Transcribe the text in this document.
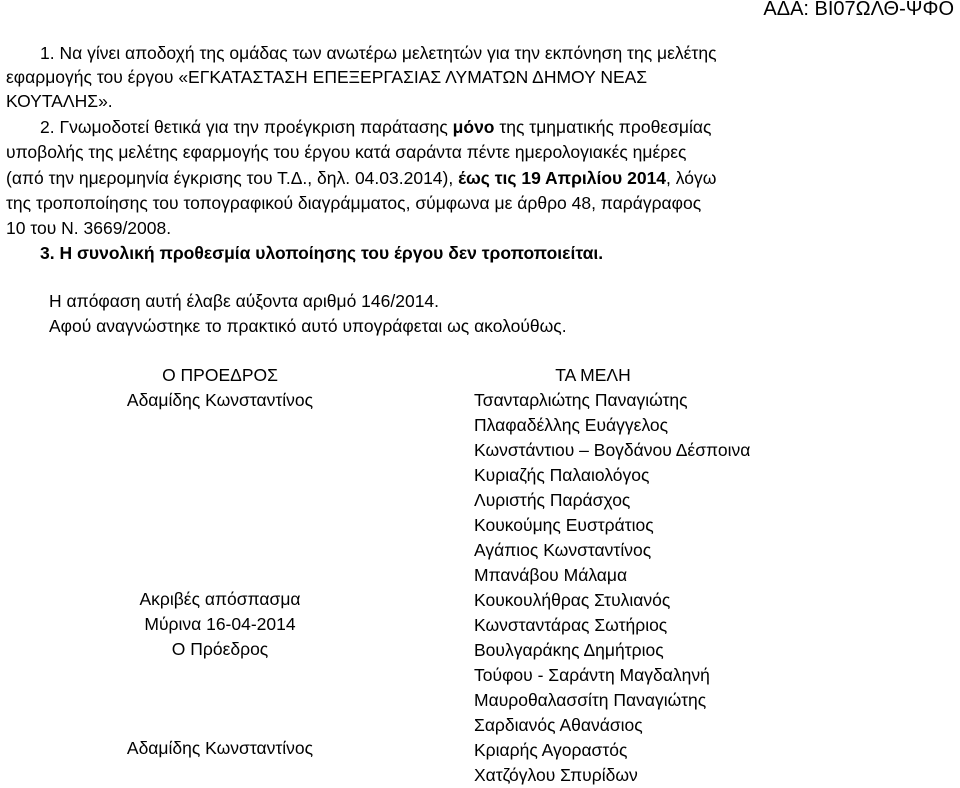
ΑΔΑ: ΒΙ07ΩΛΘ-ΨΦΟ
1. Να γίνει αποδοχή της ομάδας των ανωτέρω μελετητών για την εκπόνηση της μελέτης
εφαρμογής του έργου «ΕΓΚΑΤΑΣΤΑΣΗ ΕΠΕΞΕΡΓΑΣΙΑΣ ΛΥΜΑΤΩΝ ΔΗΜΟΥ ΝΕΑΣ
ΚΟΥΤΑΛΗΣ».
2. Γνωμοδοτεί θετικά για την προέγκριση παράτασης μόνο της τμηματικής προθεσμίας
υποβολής της μελέτης εφαρμογής του έργου κατά σαράντα πέντε ημερολογιακές ημέρες
(από την ημερομηνία έγκρισης του Τ.Δ., δηλ. 04.03.2014), έως τις 19 Απριλίου 2014, λόγω
της τροποποίησης του τοπογραφικού διαγράμματος, σύμφωνα με άρθρο 48, παράγραφος
10 του Ν. 3669/2008.
3. Η συνολική προθεσμία υλοποίησης του έργου δεν τροποποιείται.
Η απόφαση αυτή έλαβε αύξοντα αριθμό 146/2014.
Αφού αναγνώστηκε το πρακτικό αυτό υπογράφεται ως ακολούθως.
Ο ΠΡΟΕΔΡΟΣ
Αδαμίδης Κωνσταντίνος
Ακριβές απόσπασμα
Μύρινα 16-04-2014
Ο Πρόεδρος
Αδαμίδης Κωνσταντίνος
ΤΑ ΜΕΛΗ
Τσανταρλιώτης Παναγιώτης
Πλαφαδέλλης Ευάγγελος
Κωνστάντιου – Βογδάνου Δέσποινα
Κυριαζής Παλαιολόγος
Λυριστής Παράσχος
Κουκούμης Ευστράτιος
Αγάπιος Κωνσταντίνος
Μπανάβου Μάλαμα
Κουκουλήθρας Στυλιανός
Κωνσταντάρας Σωτήριος
Βουλγαράκης Δημήτριος
Τούφου - Σαράντη Μαγδαληνή
Μαυροθαλασσίτη Παναγιώτης
Σαρδιανός Αθανάσιος
Κριαρής Αγοραστός
Χατζόγλου Σπυρίδων
